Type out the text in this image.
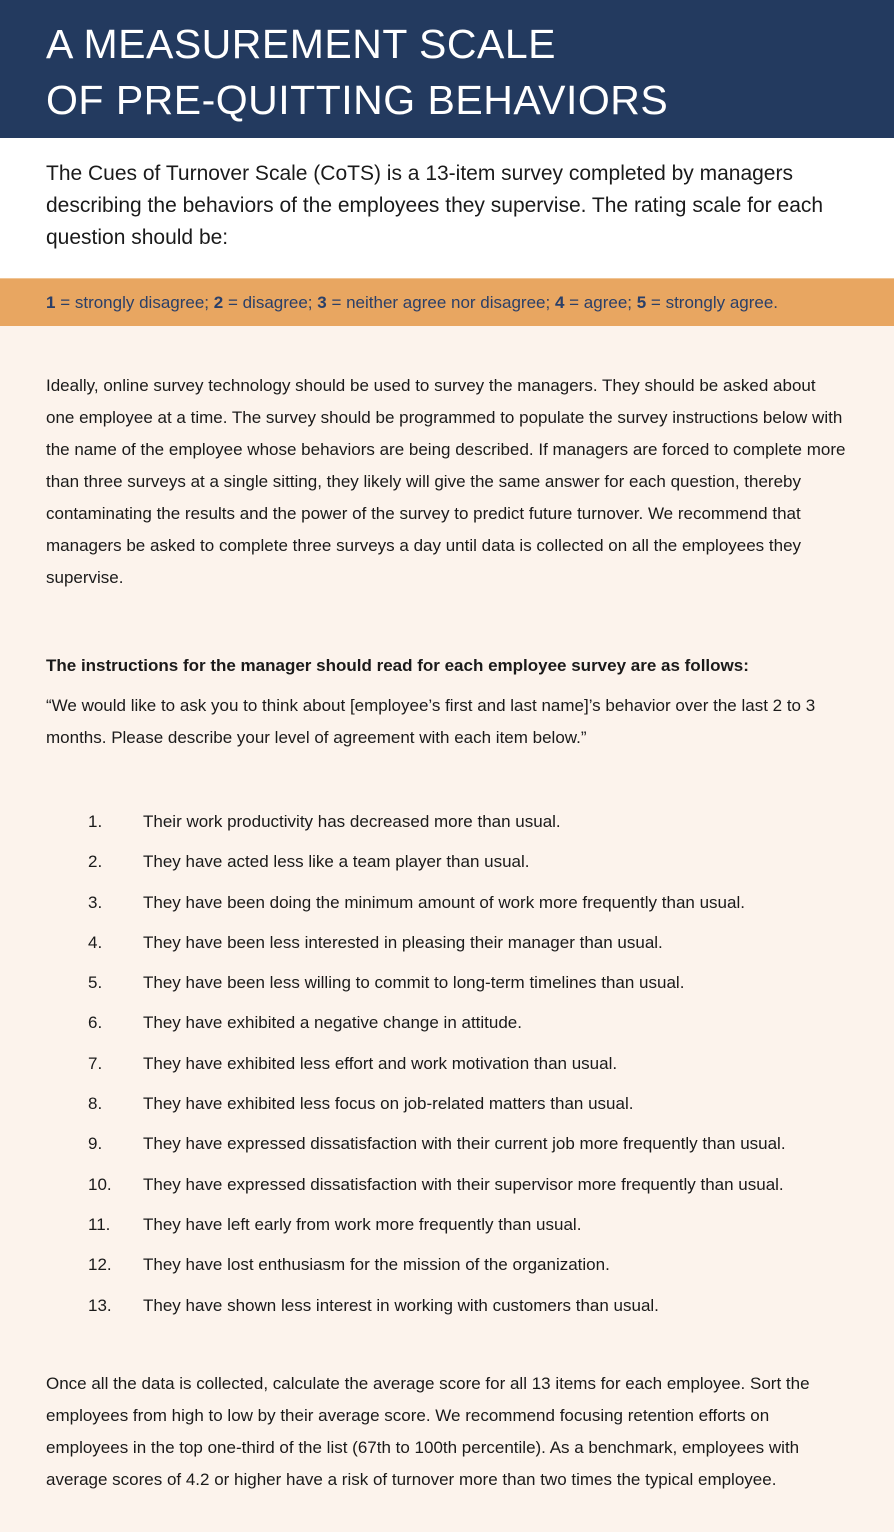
A MEASUREMENT SCALE
OF PRE-QUITTING BEHAVIORS
The Cues of Turnover Scale (CoTS) is a 13-item survey completed by managers describing the behaviors of the employees they supervise. The rating scale for each question should be:
1 = strongly disagree; 2 = disagree; 3 = neither agree nor disagree; 4 = agree; 5 = strongly agree.

Ideally, online survey technology should be used to survey the managers. They should be asked about one employee at a time. The survey should be programmed to populate the survey instructions below with the name of the employee whose behaviors are being described. If managers are forced to complete more than three surveys at a single sitting, they likely will give the same answer for each question, thereby contaminating the results and the power of the survey to predict future turnover. We recommend that managers be asked to complete three surveys a day until data is collected on all the employees they supervise.

The instructions for the manager should read for each employee survey are as follows:

“We would like to ask you to think about [employee’s first and last name]’s behavior over the last 2 to 3 months. Please describe your level of agreement with each item below.”

1.	Their work productivity has decreased more than usual.
2.	They have acted less like a team player than usual.
3.	They have been doing the minimum amount of work more frequently than usual.
4.	They have been less interested in pleasing their manager than usual.
5.	They have been less willing to commit to long-term timelines than usual.
6.	They have exhibited a negative change in attitude.
7.	They have exhibited less effort and work motivation than usual.
8.	They have exhibited less focus on job-related matters than usual.
9.	They have expressed dissatisfaction with their current job more frequently than usual.
10.	They have expressed dissatisfaction with their supervisor more frequently than usual.
11.	They have left early from work more frequently than usual.
12.	They have lost enthusiasm for the mission of the organization.
13.	They have shown less interest in working with customers than usual.

Once all the data is collected, calculate the average score for all 13 items for each employee. Sort the employees from high to low by their average score. We recommend focusing retention efforts on employees in the top one-third of the list (67th to 100th percentile). As a benchmark, employees with average scores of 4.2 or higher have a risk of turnover more than two times the typical employee.
